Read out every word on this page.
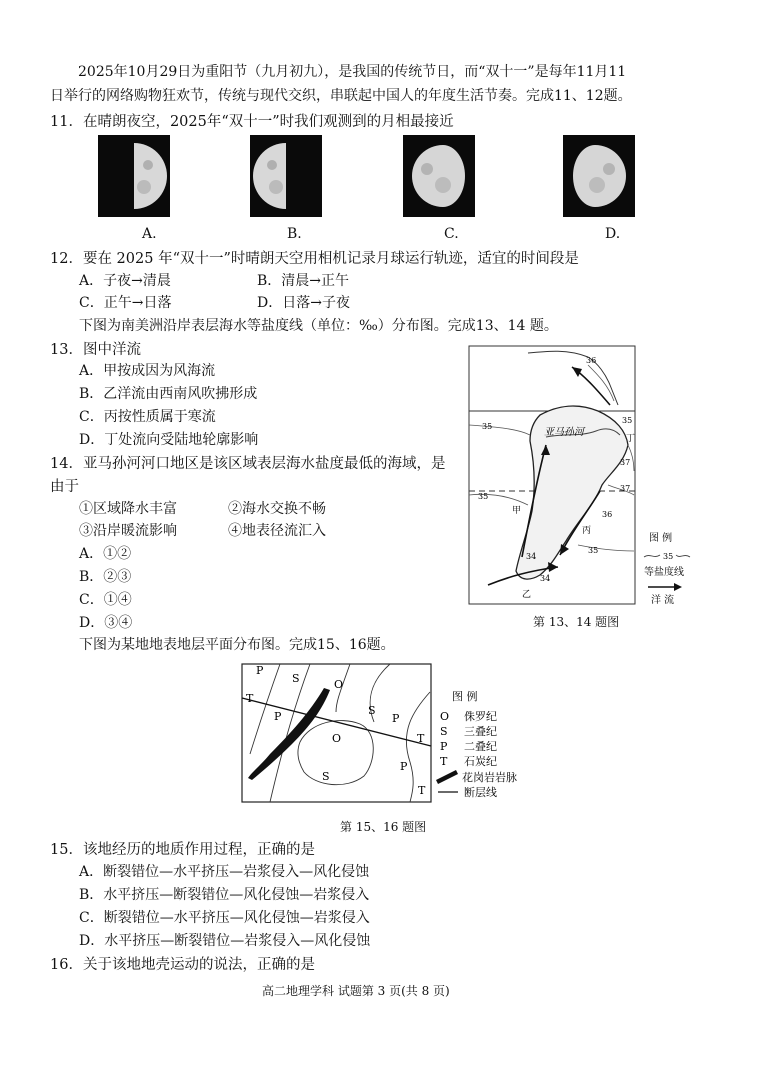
2025年10月29日为重阳节（九月初九），是我国的传统节日，而“双十一”是每年11月11
日举行的网络购物狂欢节，传统与现代交织，串联起中国人的年度生活节奏。完成11、12题。
11．在晴朗夜空，2025年“双十一”时我们观测到的月相最接近
A.	B.	C.	D.
12．要在 2025 年“双十一”时晴朗天空用相机记录月球运行轨迹，适宜的时间段是
A．子夜→清晨	B．清晨→正午
C．正午→日落	D．日落→子夜
下图为南美洲沿岸表层海水等盐度线（单位：‰）分布图。完成13、14 题。
13．图中洋流
A．甲按成因为风海流
B．乙洋流由西南风吹拂形成
C．丙按性质属于寒流
D．丁处流向受陆地轮廓影响
14．亚马孙河河口地区是该区域表层海水盐度最低的海域，是
由于
①区域降水丰富	②海水交换不畅
③沿岸暖流影响	④地表径流汇入
A．①②
B．②③
C．①④
D．③④
亚马孙河
36
35
35
37
35
37
36
35
34
34
丁
甲
乙
丙
图 例
35
等盐度线
洋 流
第 13、14 题图
下图为某地地表地层平面分布图。完成15、16题。
P
S	O
T
P	S
P
O	T
S
P
T
图 例
O 侏罗纪
S 三叠纪
P 二叠纪
T 石炭纪
花岗岩岩脉
断层线
第 15、16 题图
15．该地经历的地质作用过程，正确的是
A．断裂错位—水平挤压—岩浆侵入—风化侵蚀
B．水平挤压—断裂错位—风化侵蚀—岩浆侵入
C．断裂错位—水平挤压—风化侵蚀—岩浆侵入
D．水平挤压—断裂错位—岩浆侵入—风化侵蚀
16．关于该地地壳运动的说法，正确的是
高二地理学科 试题第 3 页(共 8 页)
